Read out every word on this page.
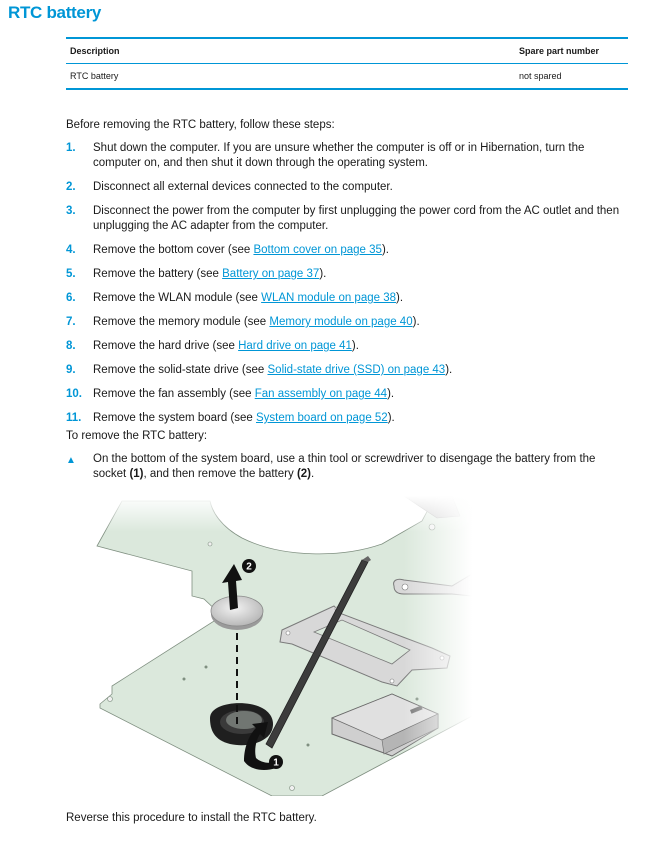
RTC battery
Description	Spare part number
RTC battery	not spared
Before removing the RTC battery, follow these steps:
1.	Shut down the computer. If you are unsure whether the computer is off or in Hibernation, turn the computer on, and then shut it down through the operating system.
2.	Disconnect all external devices connected to the computer.
3.	Disconnect the power from the computer by first unplugging the power cord from the AC outlet and then unplugging the AC adapter from the computer.
4.	Remove the bottom cover (see Bottom cover on page 35).
5.	Remove the battery (see Battery on page 37).
6.	Remove the WLAN module (see WLAN module on page 38).
7.	Remove the memory module (see Memory module on page 40).
8.	Remove the hard drive (see Hard drive on page 41).
9.	Remove the solid-state drive (see Solid-state drive (SSD) on page 43).
10. Remove the fan assembly (see Fan assembly on page 44).
11.	Remove the system board (see System board on page 52).
To remove the RTC battery:
▲	On the bottom of the system board, use a thin tool or screwdriver to disengage the battery from the socket (1), and then remove the battery (2).
Reverse this procedure to install the RTC battery.
